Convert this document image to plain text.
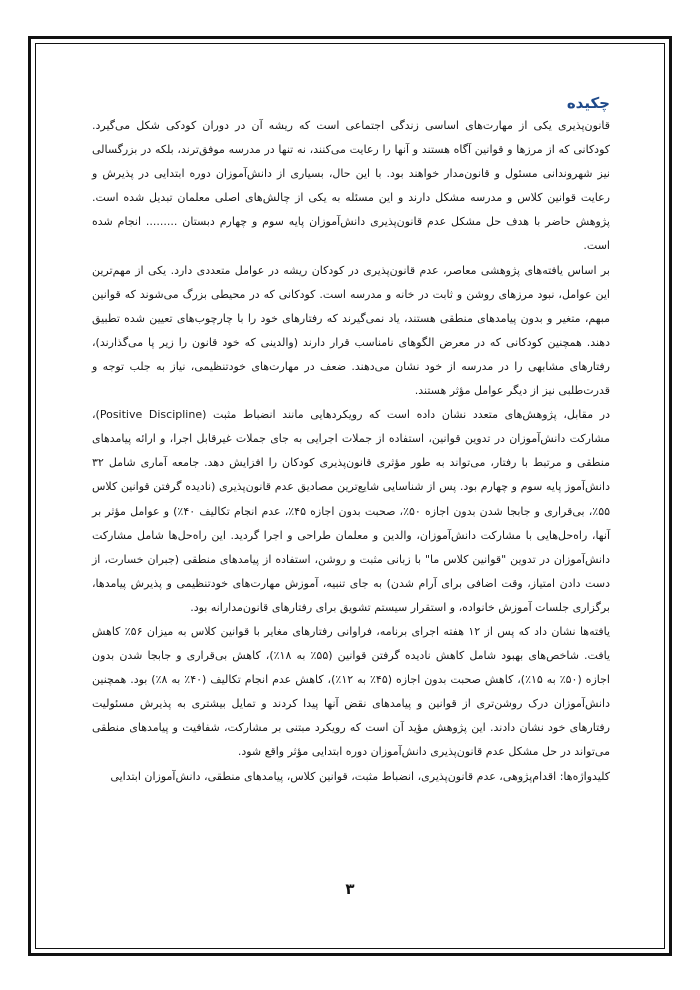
چکیده

قانون‌پذیری یکی از مهارت‌های اساسی زندگی اجتماعی است که ریشه آن در دوران کودکی شکل می‌گیرد. کودکانی که از مرزها و قوانین آگاه هستند و آنها را رعایت می‌کنند، نه تنها در مدرسه موفق‌ترند، بلکه در بزرگسالی نیز شهروندانی مسئول و قانون‌مدار خواهند بود. با این حال، بسیاری از دانش‌آموزان دوره ابتدایی در پذیرش و رعایت قوانین کلاس و مدرسه مشکل دارند و این مسئله به یکی از چالش‌های اصلی معلمان تبدیل شده است. پژوهش حاضر با هدف حل مشکل عدم قانون‌پذیری دانش‌آموزان پایه سوم و چهارم دبستان ......... انجام شده است.

بر اساس یافته‌های پژوهشی معاصر، عدم قانون‌پذیری در کودکان ریشه در عوامل متعددی دارد. یکی از مهم‌ترین این عوامل، نبود مرزهای روشن و ثابت در خانه و مدرسه است. کودکانی که در محیطی بزرگ می‌شوند که قوانین مبهم، متغیر و بدون پیامدهای منطقی هستند، یاد نمی‌گیرند که رفتارهای خود را با چارچوب‌های تعیین شده تطبیق دهند. همچنین کودکانی که در معرض الگوهای نامناسب قرار دارند (والدینی که خود قانون را زیر پا می‌گذارند)، رفتارهای مشابهی را در مدرسه از خود نشان می‌دهند. ضعف در مهارت‌های خودتنظیمی، نیاز به جلب توجه و قدرت‌طلبی نیز از دیگر عوامل مؤثر هستند.

در مقابل، پژوهش‌های متعدد نشان داده است که رویکردهایی مانند انضباط مثبت (Positive Discipline)، مشارکت دانش‌آموزان در تدوین قوانین، استفاده از جملات اجرایی به جای جملات غیرقابل اجرا، و ارائه پیامدهای منطقی و مرتبط با رفتار، می‌تواند به طور مؤثری قانون‌پذیری کودکان را افزایش دهد. جامعه آماری شامل ۳۲ دانش‌آموز پایه سوم و چهارم بود. پس از شناسایی شایع‌ترین مصادیق عدم قانون‌پذیری (نادیده گرفتن قوانین کلاس ۵۵٪، بی‌قراری و جابجا شدن بدون اجازه ۵۰٪، صحبت بدون اجازه ۴۵٪، عدم انجام تکالیف ۴۰٪) و عوامل مؤثر بر آنها، راه‌حل‌هایی با مشارکت دانش‌آموزان، والدین و معلمان طراحی و اجرا گردید. این راه‌حل‌ها شامل مشارکت دانش‌آموزان در تدوین "قوانین کلاس ما" با زبانی مثبت و روشن، استفاده از پیامدهای منطقی (جبران خسارت، از دست دادن امتیاز، وقت اضافی برای آرام شدن) به جای تنبیه، آموزش مهارت‌های خودتنظیمی و پذیرش پیامدها، برگزاری جلسات آموزش خانواده، و استقرار سیستم تشویق برای رفتارهای قانون‌مدارانه بود.

یافته‌ها نشان داد که پس از ۱۲ هفته اجرای برنامه، فراوانی رفتارهای مغایر با قوانین کلاس به میزان ۵۶٪ کاهش یافت. شاخص‌های بهبود شامل کاهش نادیده گرفتن قوانین (۵۵٪ به ۱۸٪)، کاهش بی‌قراری و جابجا شدن بدون اجازه (۵۰٪ به ۱۵٪)، کاهش صحبت بدون اجازه (۴۵٪ به ۱۲٪)، کاهش عدم انجام تکالیف (۴۰٪ به ۸٪) بود. همچنین دانش‌آموزان درک روشن‌تری از قوانین و پیامدهای نقض آنها پیدا کردند و تمایل بیشتری به پذیرش مسئولیت رفتارهای خود نشان دادند. این پژوهش مؤید آن است که رویکرد مبتنی بر مشارکت، شفافیت و پیامدهای منطقی می‌تواند در حل مشکل عدم قانون‌پذیری دانش‌آموزان دوره ابتدایی مؤثر واقع شود.

کلیدواژه‌ها: اقدام‌پژوهی، عدم قانون‌پذیری، انضباط مثبت، قوانین کلاس، پیامدهای منطقی، دانش‌آموزان ابتدایی

۳
